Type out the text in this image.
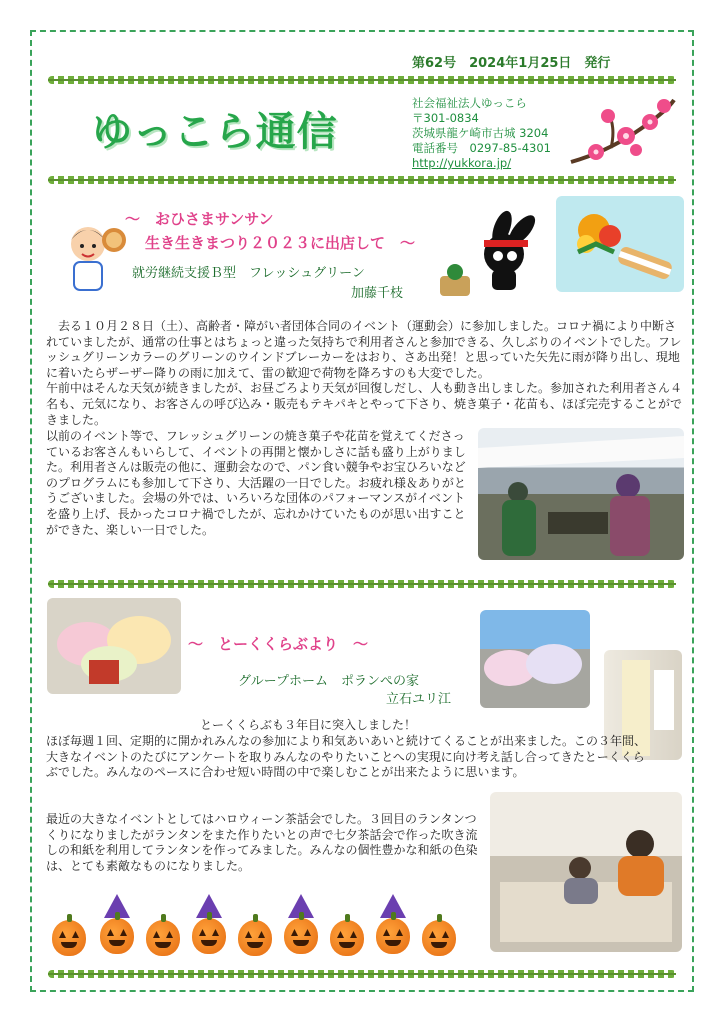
第62号　2024年1月25日　発行
ゆっこら通信
社会福祉法人ゆっこら
〒301-0834
茨城県龍ケ崎市古城 3204
電話番号　0297-85-4301
http://yukkora.jp/
～　おひさまサンサン
生き生きまつり２０２３に出店して　～
就労継続支援Ｂ型　フレッシュグリーン
加藤千枝
　去る１０月２８日（土）、高齢者・障がい者団体合同のイベント（運動会）に参加しました。コロナ禍により中断されていましたが、通常の仕事とはちょっと違った気持ちで利用者さんと参加できる、久しぶりのイベントでした。フレッシュグリーンカラーのグリーンのウインドブレーカーをはおり、さあ出発！と思っていた矢先に雨が降り出し、現地に着いたらザーザー降りの雨に加えて、雷の歓迎で荷物を降ろすのも大変でした。
午前中はそんな天気が続きましたが、お昼ごろより天気が回復しだし、人も動き出しました。参加された利用者さん４名も、元気になり、お客さんの呼び込み・販売もテキパキとやって下さり、焼き菓子・花苗も、ほぼ完売することができました。
以前のイベント等で、フレッシュグリーンの焼き菓子や花苗を覚えてくださっているお客さんもいらして、イベントの再開と懐かしさに話も盛り上がりました。利用者さんは販売の他に、運動会なので、パン食い競争やお宝ひろいなどのプログラムにも参加して下さり、大活躍の一日でした。お疲れ様＆ありがとうございました。会場の外では、いろいろな団体のパフォーマンスがイベントを盛り上げ、長かったコロナ禍でしたが、忘れかけていたものが思い出すことができた、楽しい一日でした。
～　とーくくらぶより　～
グループホーム　ポランぺの家
立石ユリ江
とーくくらぶも３年目に突入しました！
ほぼ毎週１回、定期的に開かれみんなの参加により和気あいあいと続けてくることが出来ました。この３年間、大きなイベントのたびにアンケートを取りみんなのやりたいことへの実現に向け考え話し合ってきたとーくくらぶでした。みんなのペースに合わせ短い時間の中で楽しむことが出来たように思います。
最近の大きなイベントとしてはハロウィーン茶話会でした。３回目のランタンつくりになりましたがランタンをまた作りたいとの声で七夕茶話会で作った吹き流しの和紙を利用してランタンを作ってみました。みんなの個性豊かな和紙の色染は、とても素敵なものになりました。
